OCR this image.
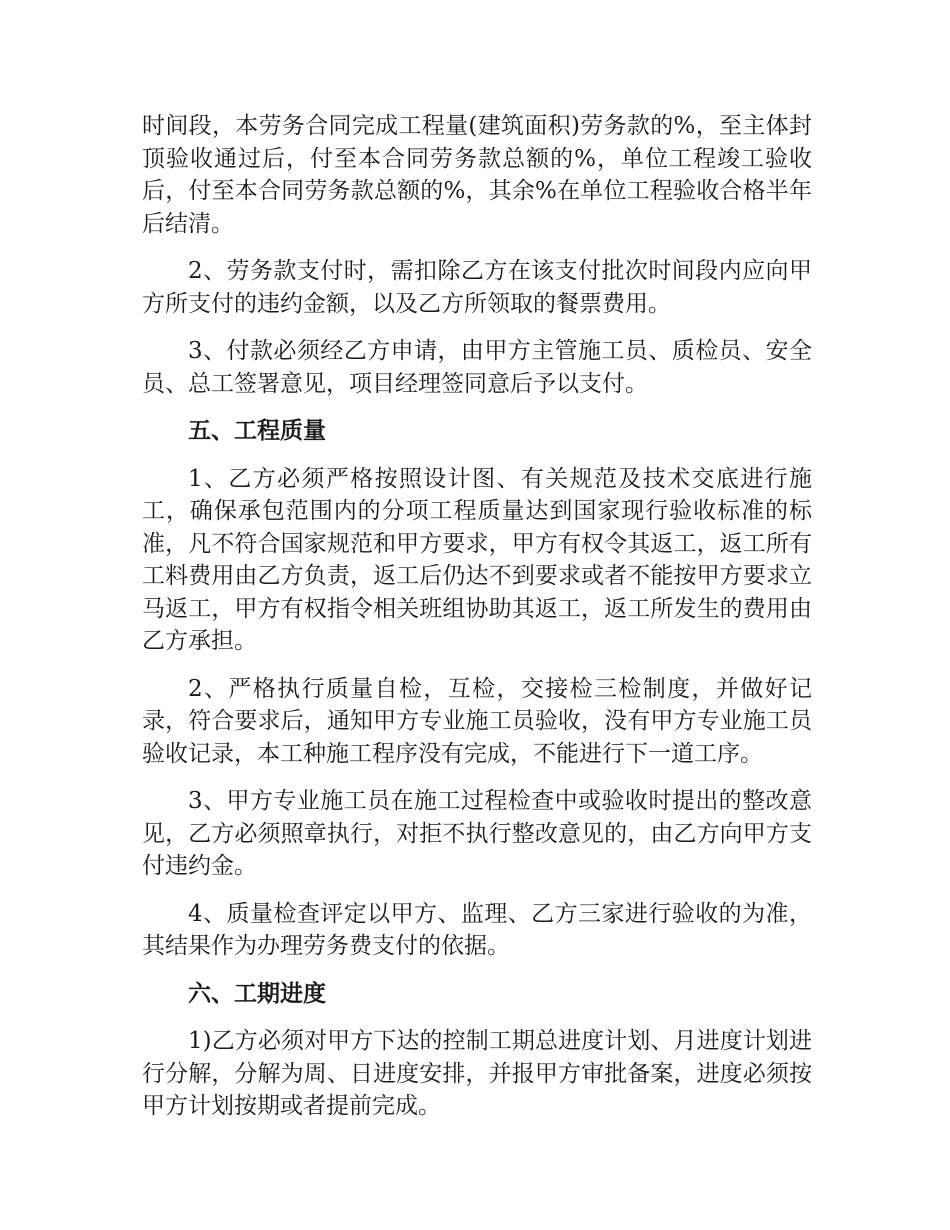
时间段，本劳务合同完成工程量(建筑面积)劳务款的%，至主体封顶验收通过后，付至本合同劳务款总额的%，单位工程竣工验收后，付至本合同劳务款总额的%，其余%在单位工程验收合格半年后结清。

2、劳务款支付时，需扣除乙方在该支付批次时间段内应向甲方所支付的违约金额，以及乙方所领取的餐票费用。

3、付款必须经乙方申请，由甲方主管施工员、质检员、安全员、总工签署意见，项目经理签同意后予以支付。

五、工程质量

1、乙方必须严格按照设计图、有关规范及技术交底进行施工，确保承包范围内的分项工程质量达到国家现行验收标准的标准，凡不符合国家规范和甲方要求，甲方有权令其返工，返工所有工料费用由乙方负责，返工后仍达不到要求或者不能按甲方要求立马返工，甲方有权指令相关班组协助其返工，返工所发生的费用由乙方承担。

2、严格执行质量自检，互检，交接检三检制度，并做好记录，符合要求后，通知甲方专业施工员验收，没有甲方专业施工员验收记录，本工种施工程序没有完成，不能进行下一道工序。

3、甲方专业施工员在施工过程检查中或验收时提出的整改意见，乙方必须照章执行，对拒不执行整改意见的，由乙方向甲方支付违约金。

4、质量检查评定以甲方、监理、乙方三家进行验收的为准，其结果作为办理劳务费支付的依据。

六、工期进度

1)乙方必须对甲方下达的控制工期总进度计划、月进度计划进行分解，分解为周、日进度安排，并报甲方审批备案，进度必须按甲方计划按期或者提前完成。
